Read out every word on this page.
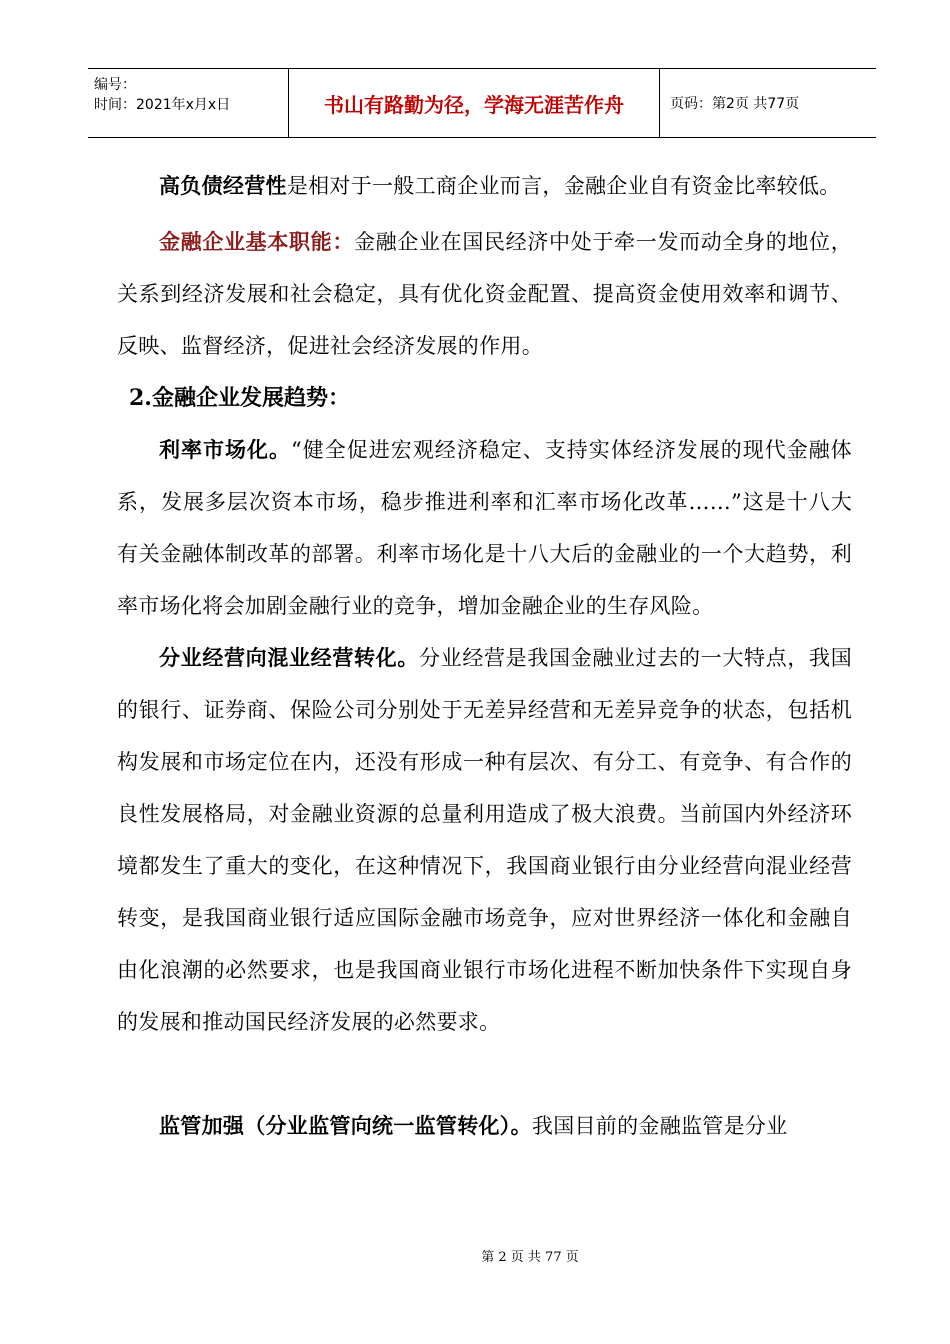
编号：
时间：2021年x月x日	书山有路勤为径，学海无涯苦作舟	页码：第2页 共77页

高负债经营性是相对于一般工商企业而言，金融企业自有资金比率较低。

金融企业基本职能：金融企业在国民经济中处于牵一发而动全身的地位，关系到经济发展和社会稳定，具有优化资金配置、提高资金使用效率和调节、反映、监督经济，促进社会经济发展的作用。

2.金融企业发展趋势：

利率市场化。“健全促进宏观经济稳定、支持实体经济发展的现代金融体系，发展多层次资本市场，稳步推进利率和汇率市场化改革……”这是十八大有关金融体制改革的部署。利率市场化是十八大后的金融业的一个大趋势，利率市场化将会加剧金融行业的竞争，增加金融企业的生存风险。

分业经营向混业经营转化。分业经营是我国金融业过去的一大特点，我国的银行、证券商、保险公司分别处于无差异经营和无差异竞争的状态，包括机构发展和市场定位在内，还没有形成一种有层次、有分工、有竞争、有合作的良性发展格局，对金融业资源的总量利用造成了极大浪费。当前国内外经济环境都发生了重大的变化，在这种情况下，我国商业银行由分业经营向混业经营转变，是我国商业银行适应国际金融市场竞争，应对世界经济一体化和金融自由化浪潮的必然要求，也是我国商业银行市场化进程不断加快条件下实现自身的发展和推动国民经济发展的必然要求。

监管加强（分业监管向统一监管转化）。我国目前的金融监管是分业

第 2 页 共 77 页
